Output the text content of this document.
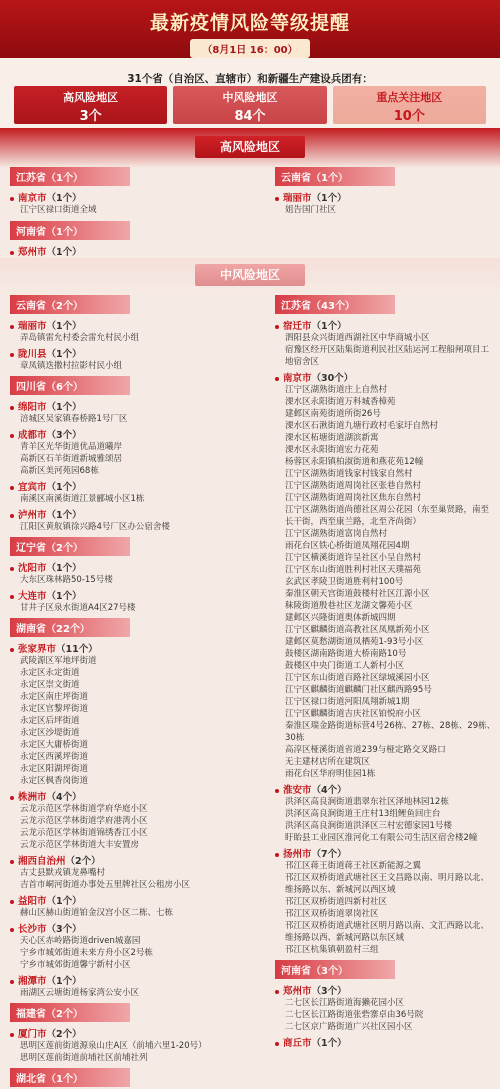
最新疫情风险等级提醒
（8月1日 16：00）
31个省（自治区、直辖市）和新疆生产建设兵团有：
高风险地区
3个
中风险地区
84个
重点关注地区
10个
高风险地区
江苏省（1个）
南京市（1个）
江宁区禄口街道全域
河南省（1个）
郑州市（1个）
云南省（1个）
瑞丽市（1个）
姐告国门社区
中风险地区
云南省（2个）
瑞丽市（1个）
弄岛镇雷允村委会雷允村民小组
陇川县（1个）
章凤镇迭撒村拉影村民小组
四川省（6个）
绵阳市（1个）
涪城区吴家镇春桥路1号厂区
成都市（3个）
青羊区光华街道优品道曦岸
高新区石羊街道新城雅颂居
高新区美河苑园68栋
宜宾市（1个）
南溪区南溪街道江景郦城小区1栋
泸州市（1个）
江阳区黄舣镇徐兴路4号厂区办公宿舍楼
辽宁省（2个）
沈阳市（1个）
大东区珠林路50-15号楼
大连市（1个）
甘井子区泉水街道A4区27号楼
湖南省（22个）
张家界市（11个）
武陵源区军地坪街道
永定区永定街道
永定区崇文街道
永定区南庄坪街道
永定区官黎坪街道
永定区后坪街道
永定区沙堤街道
永定区大庸桥街道
永定区西溪坪街道
永定区阳湖坪街道
永定区枫香岗街道
株洲市（4个）
云龙示范区学林街道学府华庭小区
云龙示范区学林街道学府港湾小区
云龙示范区学林街道锦绣香江小区
云龙示范区学林街道大丰安置房
湘西自治州（2个）
古丈县默戎镇龙鼻嘴村
吉首市峒河街道办事处五里牌社区公租房小区
益阳市（1个）
赫山区赫山街道铂金汉宫小区二栋、七栋
长沙市（3个）
天心区赤岭路街道driven城嘉园
宁乡市城郊街道未来方舟小区2号栋
宁乡市城郊街道馨宁新村小区
湘潭市（1个）
雨湖区云塘街道杨家湾公安小区
福建省（2个）
厦门市（2个）
思明区莲前街道源泉山庄A区（前埔六里1-20号）
思明区莲前街道前埔社区前埔社列
湖北省（1个）
江苏省（43个）
宿迁市（1个）
泗阳县众兴街道西湖社区中华商城小区
宿豫区经开区陆集街道利民社区陆运河工程船闸项目工地宿舍区
南京市（30个）
江宁区湖熟街道庄上自然村
溧水区永阳街道万科城香樟苑
建邺区南苑街道所街26号
溧水区石湫街道九塘行政村毛家圩自然村
溧水区柘塘街道湖滨新寓
溧水区永阳街道宏力花苑
杨蓉区永阳镇柏淑街道和燕花苑12幢
江宁区湖熟街道钱家村钱家自然村
江宁区湖熟街道周岗社区张巷自然村
江宁区湖熟街道周岗社区焦东自然村
江宁区湖熟街道尚德社区周公花园（东至巢贤路，南至长干街，西至康兰路，北至齐尚街）
江宁区湖熟街道富岗自然村
雨花台区铁心桥街道凤翔花园4期
江宁区横溪街道许呈社区小呈自然村
江宁区东山街道胜利村社区天璞福苑
玄武区孝陵卫街道胜利村100号
秦淮区朝天宫街道鼓楼村社区江源小区
秣陵街道殷巷社区龙湖文馨苑小区
建邺区兴隆街道奥体新城四期
江宁区麒麟街道高教社区凤凰新苑小区
建邺区莫愁湖街道凤栖苑1-93号小区
鼓楼区湖南路街道大桥南路10号
鼓楼区中央门街道工人新村小区
江宁区东山街道百路社区绿城溪园小区
江宁区麒麟街道麒麟门社区麒西路95号
江宁区禄口街道河阳凤翔新城1期
江宁区麒麟街道吉庆社区铂悦府小区
秦淮区瑞金路街道标营4号26栋、27栋、28栋、29栋、30栋
高淳区桠溪街道省道239与桠定路交叉路口
无主建材店所在建筑区
雨花台区华府明佳园1栋
淮安市（4个）
洪泽区高良涧街道翡翠东社区泽地林园12栋
洪泽区高良涧街道王庄村13组鲤鱼回庄台
洪泽区高良涧街道洪泽区三村宏德家园1号楼
盱眙县工业园区淮河化工有限公司生活区宿舍楼2幢
扬州市（7个）
邗江区蒋王街道蒋王社区新能源之翼
邗江区双桥街道武塘社区王文昌路以南、明月路以北、维扬路以东、新城河以西区域
邗江区双桥街道四新村社区
邗江区双桥街道翠岗社区
邗江区双桥街道武塘社区明月路以南、文汇西路以北、维扬路以西、新城河路以东区域
邗江区杭集镇朝盈村三组
河南省（3个）
郑州市（3个）
二七区长江路街道海獭花园小区
二七区长江路街道张砦寨卓由36号院
二七区京广路街道广兴社区园小区
商丘市（1个）
